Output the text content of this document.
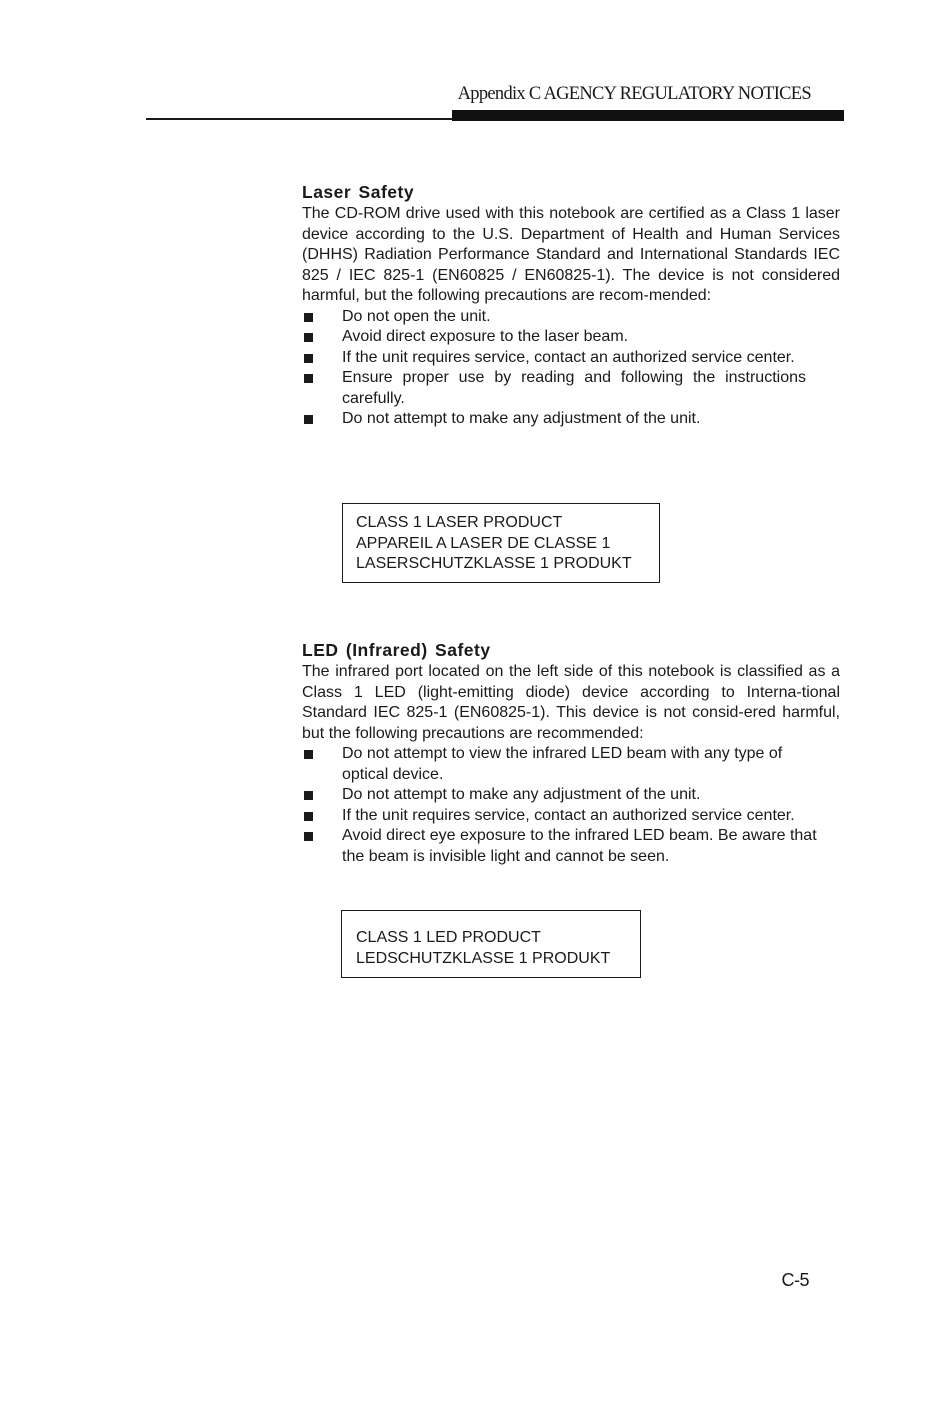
Appendix C AGENCY REGULATORY NOTICES
Laser Safety

The CD-ROM drive used with this notebook are certified as a Class 1 laser device according to the U.S. Department of Health and Human Services (DHHS) Radiation Performance Standard and International Standards IEC 825 / IEC 825-1 (EN60825 / EN60825-1). The device is not considered harmful, but the following precautions are recom-mended:

Do not open the unit.
Avoid direct exposure to the laser beam.
If the unit requires service, contact an authorized service center.
Ensure proper use by reading and following the instructions carefully.
Do not attempt to make any adjustment of the unit.
CLASS 1 LASER PRODUCT
APPAREIL A LASER DE CLASSE 1
LASERSCHUTZKLASSE 1 PRODUKT
LED (Infrared) Safety

The infrared port located on the left side of this notebook is classified as a Class 1 LED (light-emitting diode) device according to Interna-tional Standard IEC 825-1 (EN60825-1). This device is not consid-ered harmful, but the following precautions are recommended:

Do not attempt to view the infrared LED beam with any type of optical device.
Do not attempt to make any adjustment of the unit.
If the unit requires service, contact an authorized service center.
Avoid direct eye exposure to the infrared LED beam. Be aware that the beam is invisible light and cannot be seen.
CLASS 1 LED PRODUCT
LEDSCHUTZKLASSE 1 PRODUKT
C-5
